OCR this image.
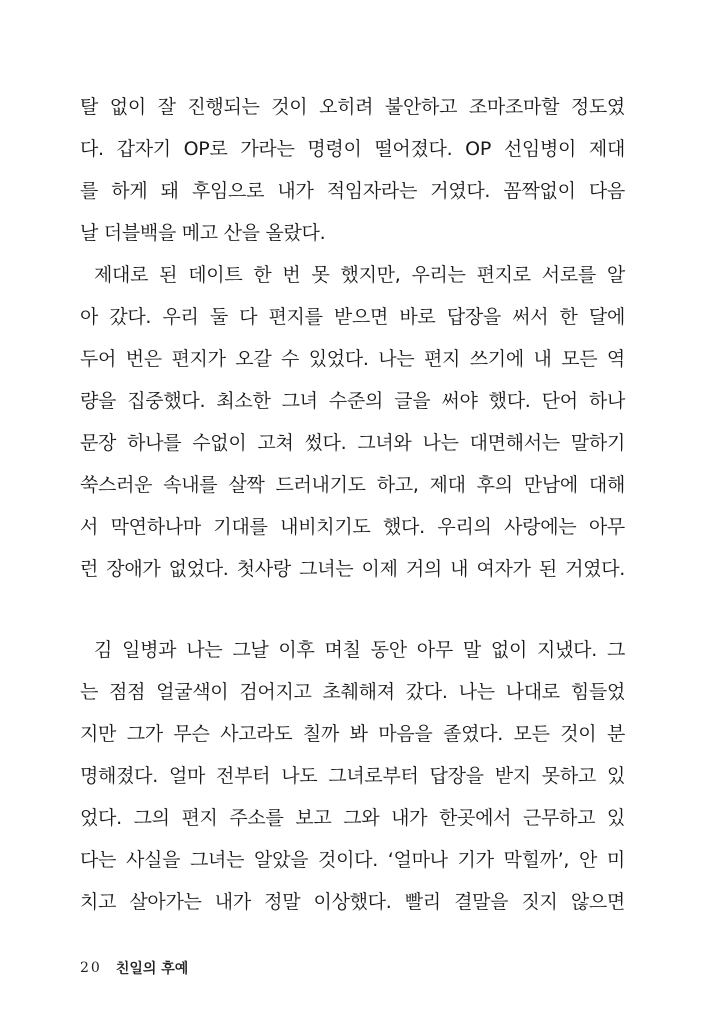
탈 없이 잘 진행되는 것이 오히려 불안하고 조마조마할 정도였
다. 갑자기 OP로 가라는 명령이 떨어졌다. OP 선임병이 제대
를 하게 돼 후임으로 내가 적임자라는 거였다. 꼼짝없이 다음
날 더블백을 메고 산을 올랐다.
제대로 된 데이트 한 번 못 했지만, 우리는 편지로 서로를 알
아 갔다. 우리 둘 다 편지를 받으면 바로 답장을 써서 한 달에
두어 번은 편지가 오갈 수 있었다. 나는 편지 쓰기에 내 모든 역
량을 집중했다. 최소한 그녀 수준의 글을 써야 했다. 단어 하나
문장 하나를 수없이 고쳐 썼다. 그녀와 나는 대면해서는 말하기
쑥스러운 속내를 살짝 드러내기도 하고, 제대 후의 만남에 대해
서 막연하나마 기대를 내비치기도 했다. 우리의 사랑에는 아무
런 장애가 없었다. 첫사랑 그녀는 이제 거의 내 여자가 된 거였다.
김 일병과 나는 그날 이후 며칠 동안 아무 말 없이 지냈다. 그
는 점점 얼굴색이 검어지고 초췌해져 갔다. 나는 나대로 힘들었
지만 그가 무슨 사고라도 칠까 봐 마음을 졸였다. 모든 것이 분
명해졌다. 얼마 전부터 나도 그녀로부터 답장을 받지 못하고 있
었다. 그의 편지 주소를 보고 그와 내가 한곳에서 근무하고 있
다는 사실을 그녀는 알았을 것이다. ‘얼마나 기가 막힐까’, 안 미
치고 살아가는 내가 정말 이상했다. 빨리 결말을 짓지 않으면
20 친일의 후예
